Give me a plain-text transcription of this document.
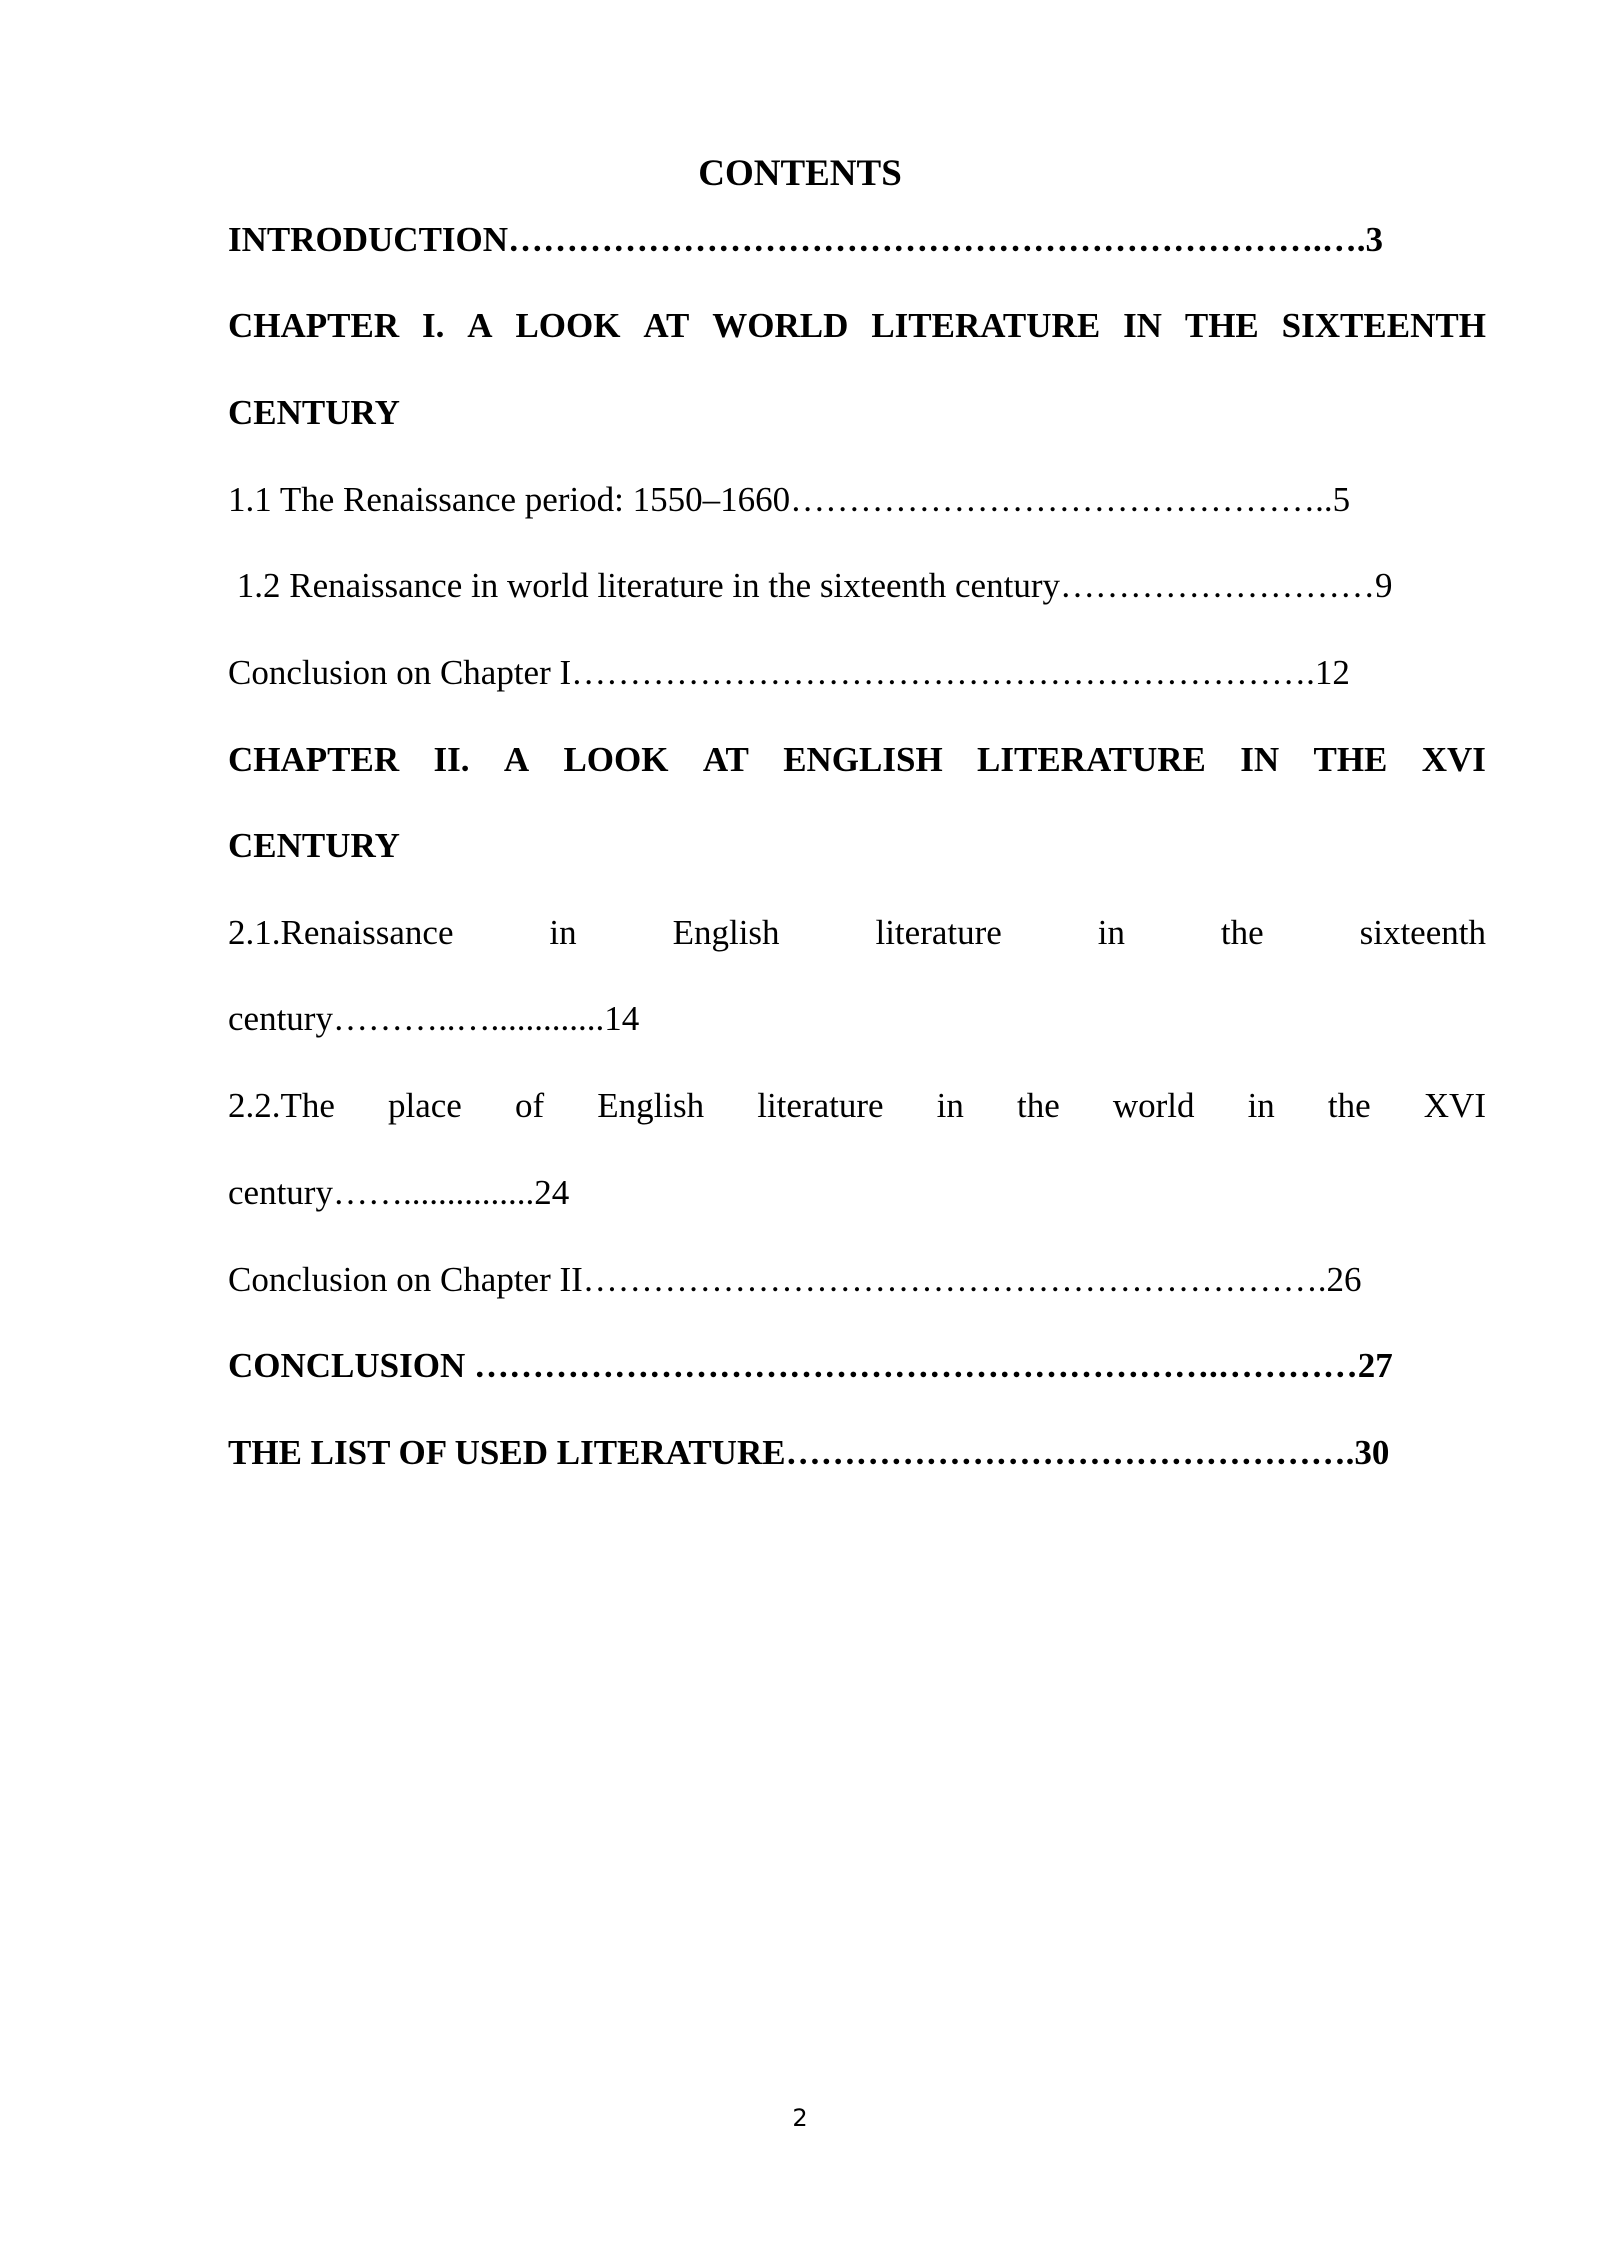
CONTENTS
INTRODUCTION…………………………………………………………….….3
CHAPTER I. A LOOK AT WORLD LITERATURE IN THE SIXTEENTH
CENTURY
1.1 The Renaissance period: 1550–1660………………………………………..5
1.2 Renaissance in world literature in the sixteenth century………………………9
Conclusion on Chapter I……………………………………………………….12
CHAPTER II. A LOOK AT ENGLISH LITERATURE IN THE XVI
CENTURY
2.1.Renaissance	in	English	literature	in	the	sixteenth
century………..….............14
2.2.The place of English literature in the world in the XVI
century……...............24
Conclusion on Chapter II……………………………………………………….26
CONCLUSION ……………………………………………………….…………27
THE LIST OF USED LITERATURE………………………………………….30
2
